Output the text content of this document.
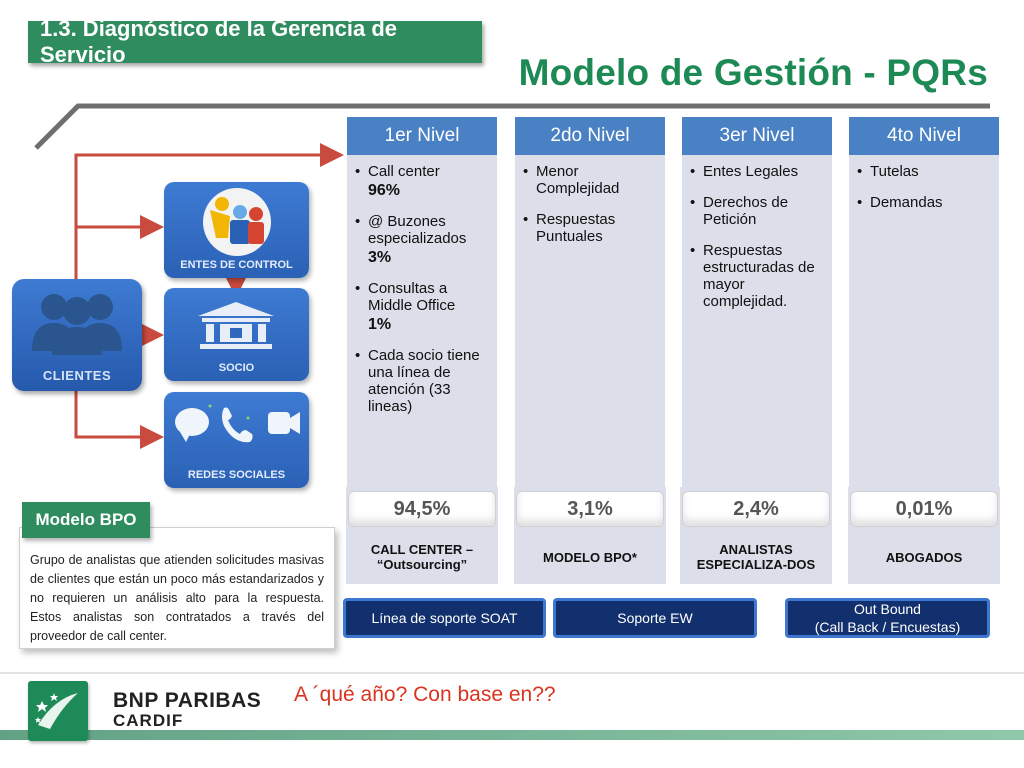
1.3. Diagnóstico de la Gerencia de Servicio	Modelo de Gestión - PQRs
CLIENTES
ENTES DE CONTROL
SOCIO
REDES SOCIALES
1er Nivel
• Call center
96%
• @ Buzones especializados
3%
• Consultas a Middle Office
1%
• Cada socio tiene una línea de atención (33 lineas)
2do Nivel
• Menor Complejidad
• Respuestas Puntuales
3er Nivel
• Entes Legales
• Derechos de Petición
• Respuestas estructuradas de mayor complejidad.
4to Nivel
• Tutelas
• Demandas
94,5%	3,1%	2,4%	0,01%
CALL CENTER – “Outsourcing”	MODELO BPO*	ANALISTAS ESPECIALIZA-DOS	ABOGADOS
Grupo de analistas que atienden solicitudes masivas de clientes que están un poco más estandarizados y no requieren un análisis alto para la respuesta. Estos analistas son contratados a través del proveedor de call center.
Modelo BPO
Línea de soporte SOAT	Soporte EW
Out Bound
(Call Back / Encuestas)
A ´qué año? Con base en??
BNP PARIBAS
CARDIF
